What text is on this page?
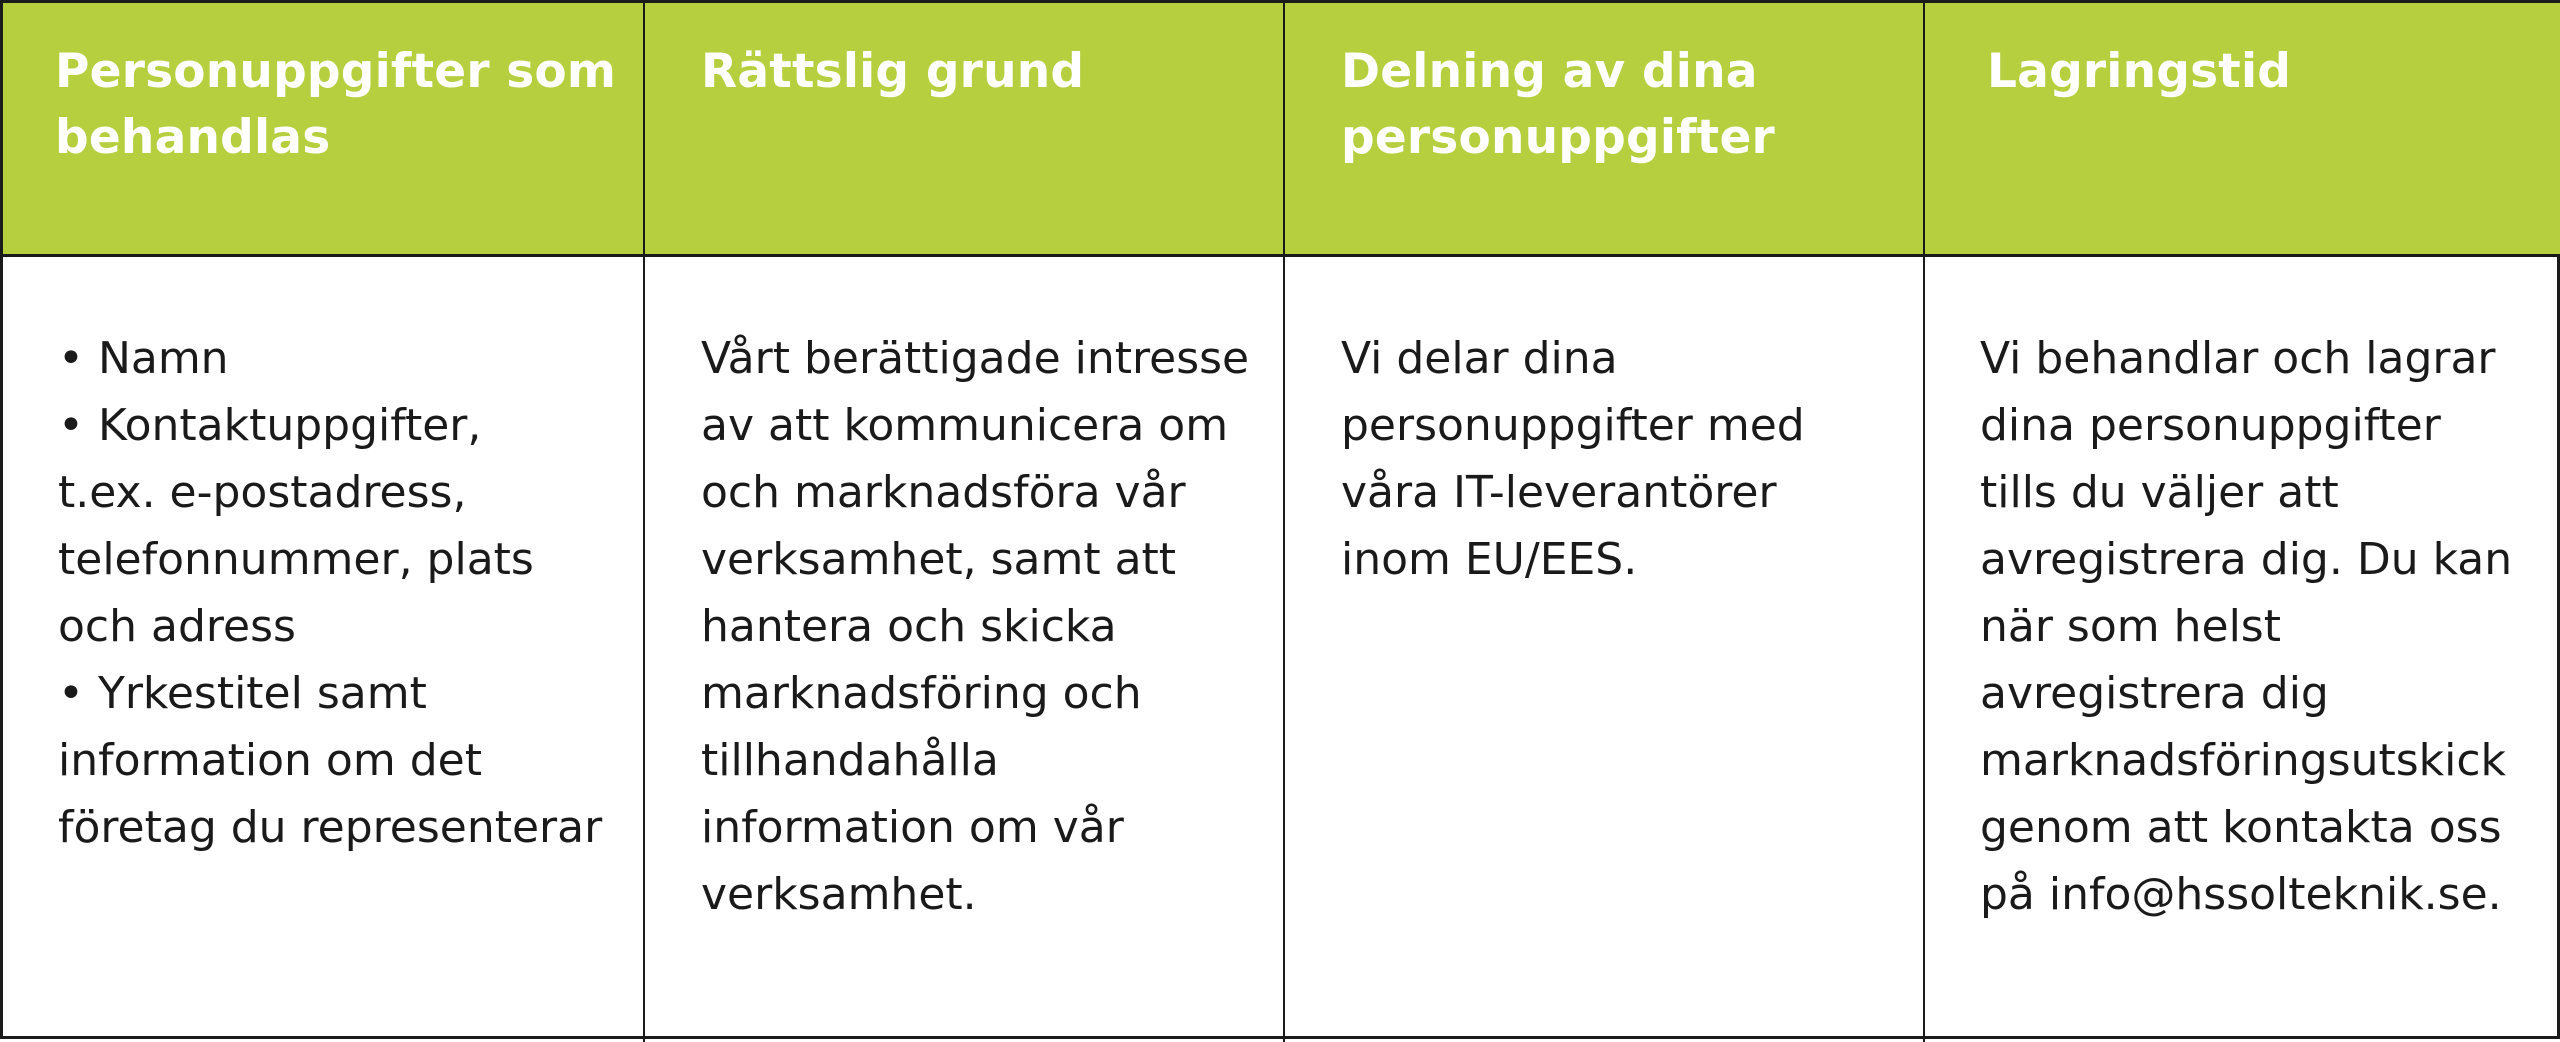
Personuppgifter som behandlas
Rättslig grund	Delning av dina personuppgifter
Lagringstid
• Namn
• Kontaktuppgifter,
t.ex. e-postadress,
telefonnummer, plats
och adress
• Yrkestitel samt
information om det
företag du representerar
Vårt berättigade intresse
av att kommunicera om
och marknadsföra vår
verksamhet, samt att
hantera och skicka
marknadsföring och
tillhandahålla
information om vår
verksamhet.
Vi delar dina
personuppgifter med
våra IT-leverantörer
inom EU/EES.
Vi behandlar och lagrar
dina personuppgifter
tills du väljer att
avregistrera dig. Du kan
när som helst
avregistrera dig
marknadsföringsutskick
genom att kontakta oss
på info@hssolteknik.se.
